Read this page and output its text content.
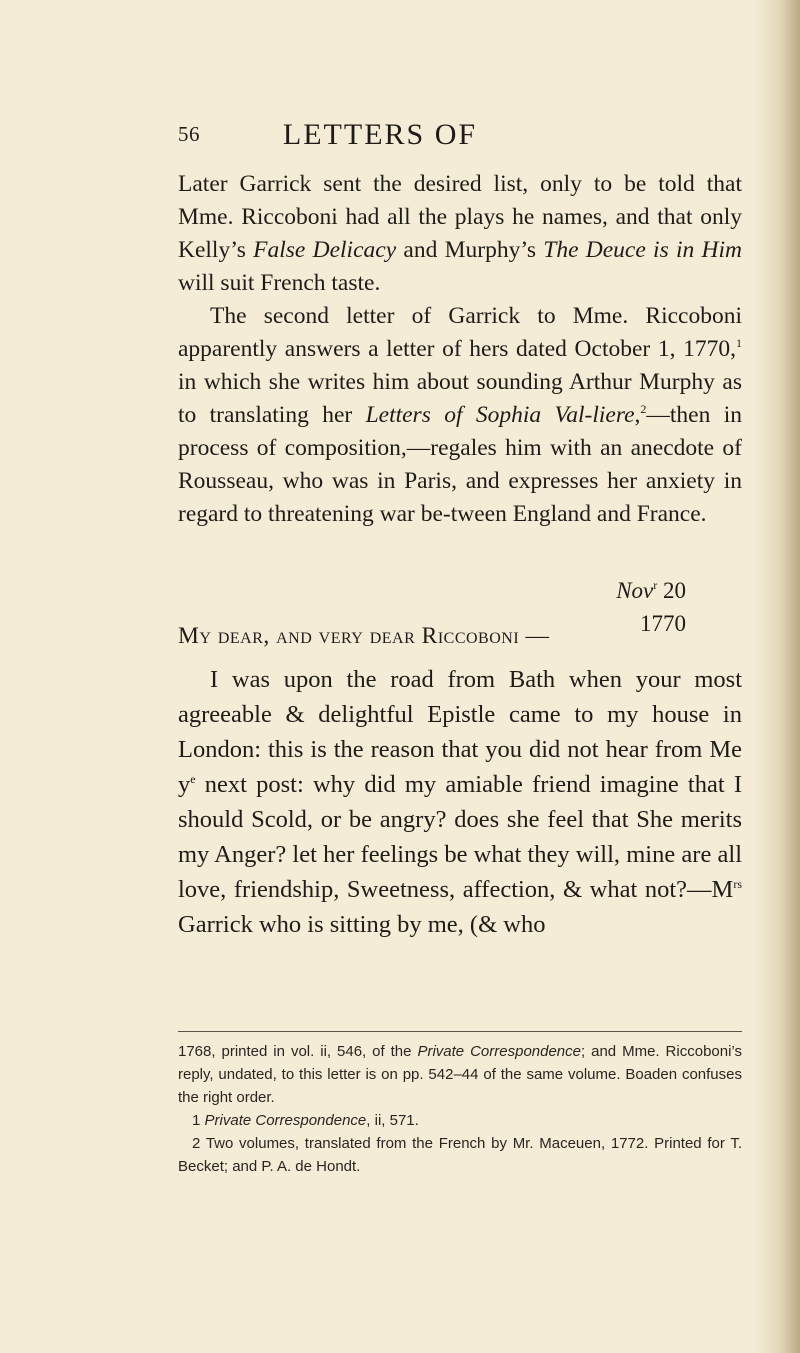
56	LETTERS OF

Later Garrick sent the desired list, only to be told that Mme. Riccoboni had all the plays he names, and that only Kelly’s False Delicacy and Murphy’s The Deuce is in Him will suit French taste.

The second letter of Garrick to Mme. Riccoboni apparently answers a letter of hers dated October 1, 1770,$^1$ in which she writes him about sounding Arthur Murphy as to translating her Letters of Sophia Val-liere,$^2$—then in process of composition,—regales him with an anecdote of Rousseau, who was in Paris, and expresses her anxiety in regard to threatening war be-tween England and France.

Nov$^r$ 20
1770
My dear, and very dear Riccoboni —

I was upon the road from Bath when your most agreeable & delightful Epistle came to my house in London: this is the reason that you did not hear from Me $y^e$ next post: why did my amiable friend imagine that I should Scold, or be angry? does she feel that She merits my Anger? let her feelings be what they will, mine are all love, friendship, Sweetness, affection, & what $not?—M^{rs}$ Garrick who is sitting by me, (& who

1768, printed in vol. ii, 546, of the Private Correspondence; and Mme. Riccoboni’s reply, undated, to this letter is on pp. 542–44 of the same volume. Boaden confuses the right order.

1 Private Correspondence, ii, 571.

2 Two volumes, translated from the French by Mr. Maceuen, 1772. Printed for T. Becket; and P. A. de Hondt.
